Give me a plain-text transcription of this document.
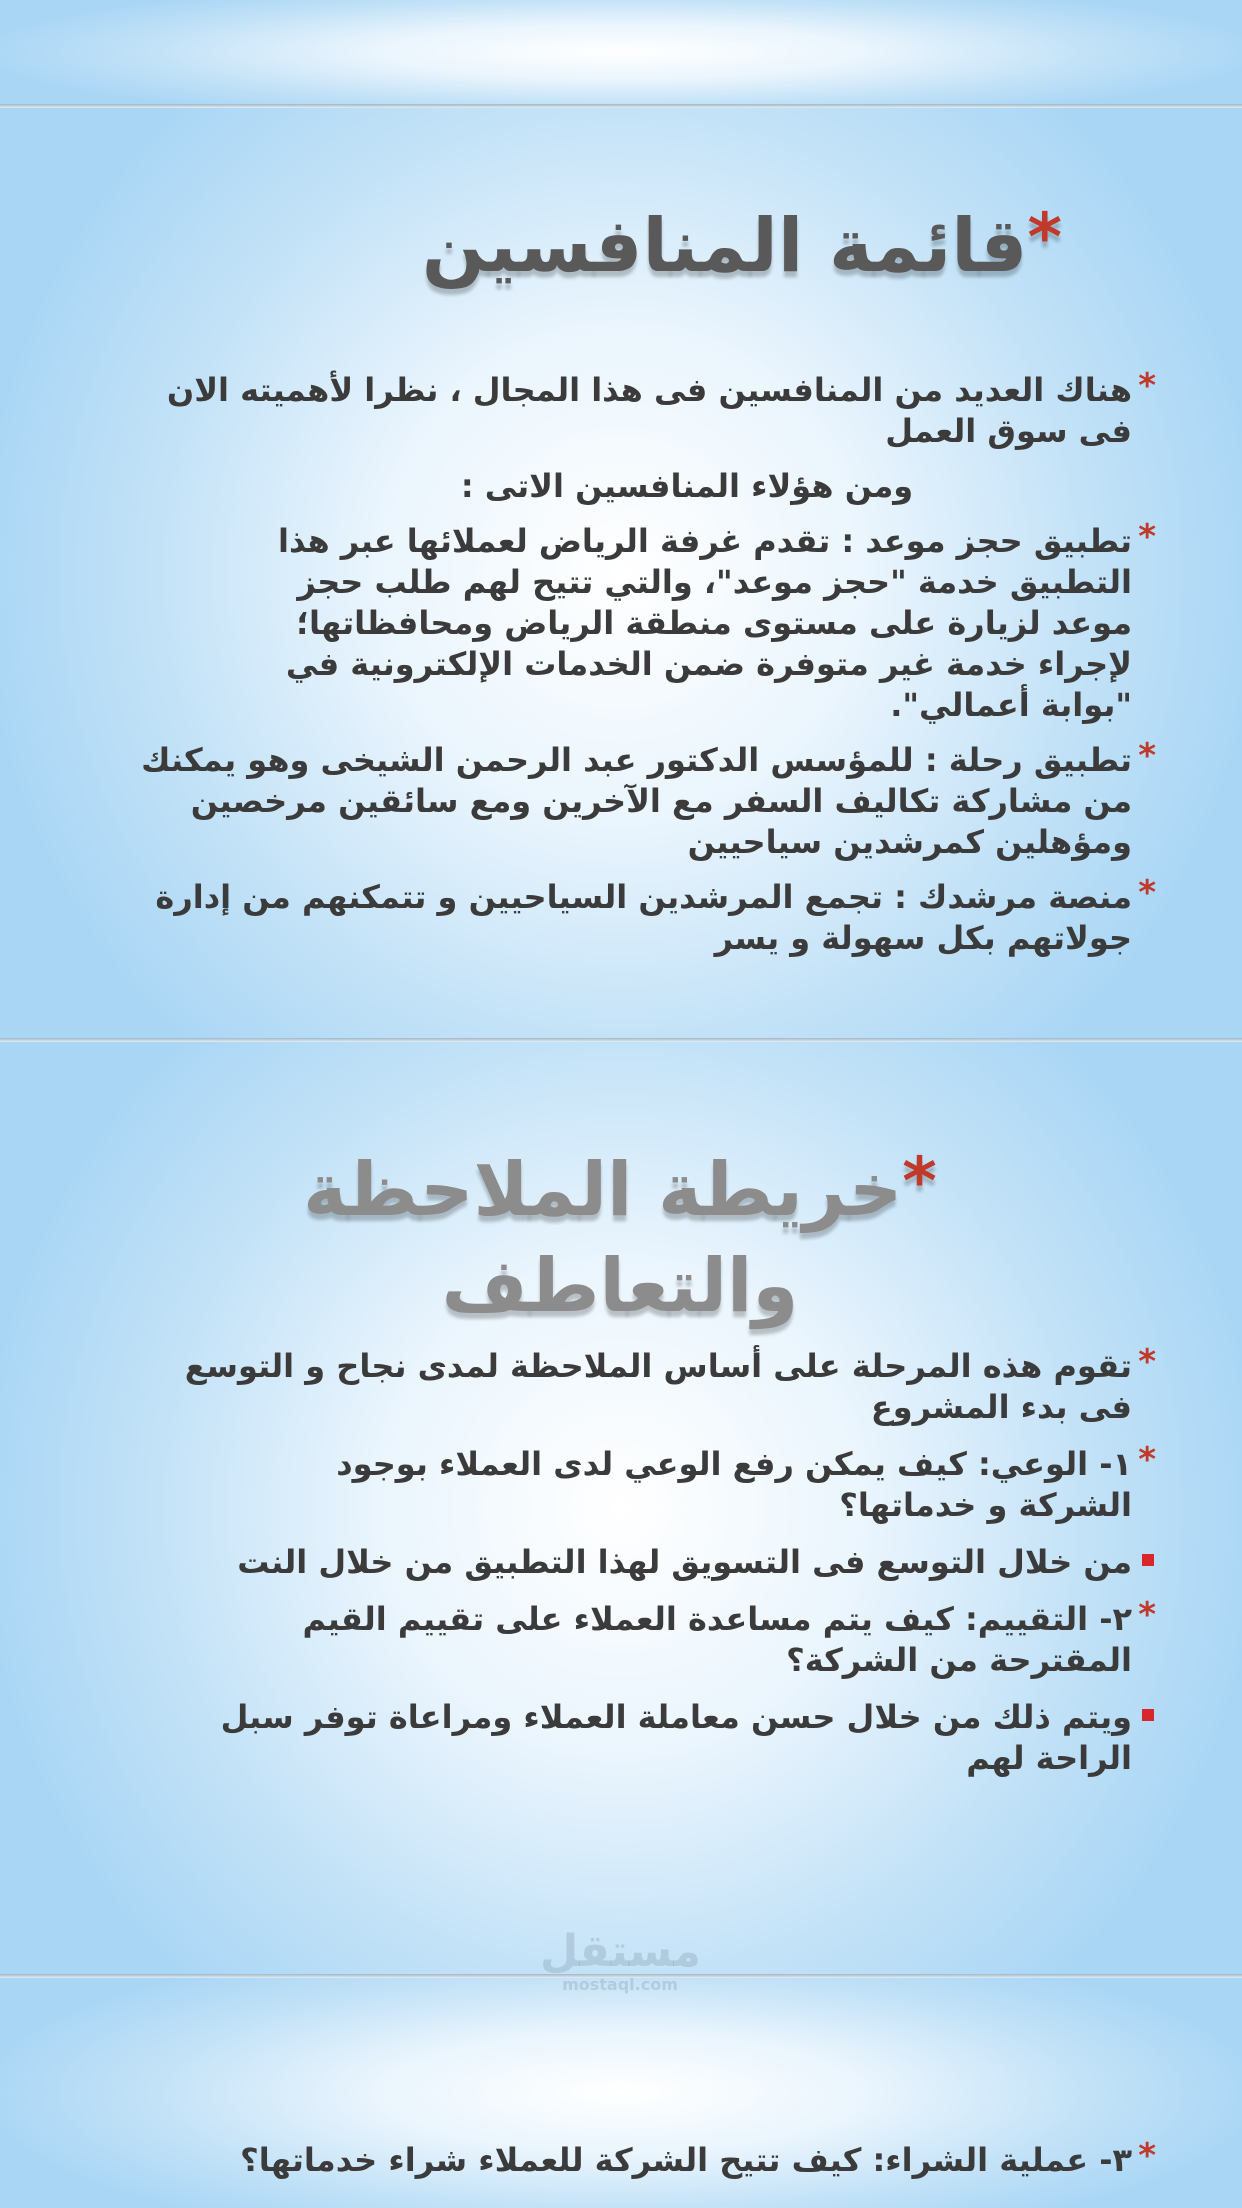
*قائمة المنافسين
*
هناك العديد من المنافسين فى هذا المجال ، نظرا لأهميته الان فى سوق العمل
ومن هؤلاء المنافسين الاتى :
*
تطبيق حجز موعد : تقدم غرفة الرياض لعملائها عبر هذا التطبيق خدمة "حجز موعد"، والتي تتيح لهم طلب حجز موعد لزيارة على مستوى منطقة الرياض ومحافظاتها؛ لإجراء خدمة غير متوفرة ضمن الخدمات الإلكترونية في "بوابة أعمالي".
*
تطبيق رحلة : للمؤسس الدكتور عبد الرحمن الشيخى وهو يمكنك من مشاركة تكاليف السفر مع الآخرين ومع سائقين مرخصين ومؤهلين كمرشدين سياحيين
*
منصة مرشدك : تجمع المرشدين السياحيين و تتمكنهم من إدارة جولاتهم بكل سهولة و يسر
*خريطة الملاحظة والتعاطف
*
تقوم هذه المرحلة على أساس الملاحظة لمدى نجاح و التوسع فى بدء المشروع
*
١- الوعي: كيف يمكن رفع الوعي لدى العملاء بوجود الشركة و خدماتها؟
من خلال التوسع فى التسويق لهذا التطبيق من خلال النت
*
٢- التقييم: كيف يتم مساعدة العملاء على تقييم القيم المقترحة من الشركة؟
ويتم ذلك من خلال حسن معاملة العملاء ومراعاة توفر سبل الراحة لهم
*
٣- عملية الشراء: كيف تتيح الشركة للعملاء شراء خدماتها؟
مستقل
mostaql.com
